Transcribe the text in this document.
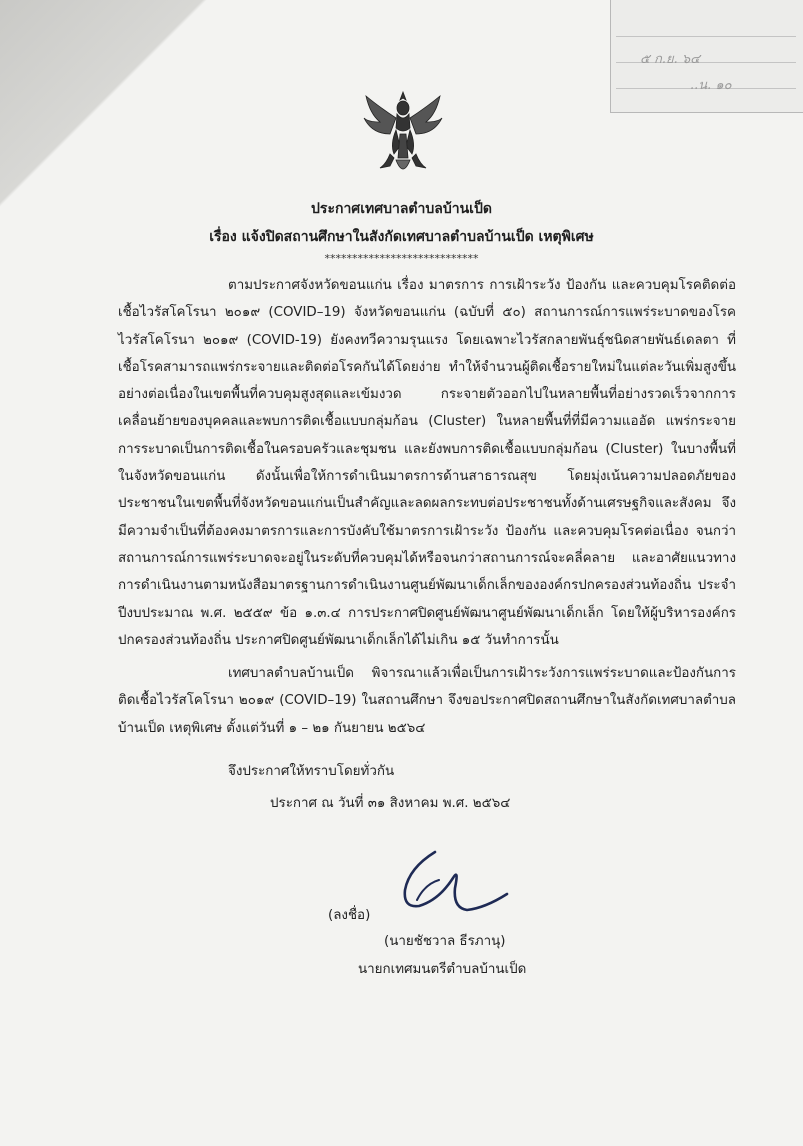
๕ ก.ย. ๖๔
..น. ๑๐
ประกาศเทศบาลตำบลบ้านเป็ด
เรื่อง แจ้งปิดสถานศึกษาในสังกัดเทศบาลตำบลบ้านเป็ด เหตุพิเศษ
****************************

ตามประกาศจังหวัดขอนแก่น เรื่อง มาตรการ การเฝ้าระวัง ป้องกัน และควบคุมโรคติดต่อเชื้อไวรัสโคโรนา ๒๐๑๙ (COVID–19) จังหวัดขอนแก่น (ฉบับที่ ๕๐) สถานการณ์การแพร่ระบาดของโรคไวรัสโคโรนา ๒๐๑๙ (COVID-19) ยังคงทวีความรุนแรง โดยเฉพาะไวรัสกลายพันธุ์ชนิดสายพันธ์เดลตา ที่เชื้อโรคสามารถแพร่กระจายและติดต่อโรคกันได้โดยง่าย ทำให้จำนวนผู้ติดเชื้อรายใหม่ในแต่ละวันเพิ่มสูงขึ้นอย่างต่อเนื่องในเขตพื้นที่ควบคุมสูงสุดและเข้มงวด กระจายตัวออกไปในหลายพื้นที่อย่างรวดเร็วจากการเคลื่อนย้ายของบุคคลและพบการติดเชื้อแบบกลุ่มก้อน (Cluster) ในหลายพื้นที่ที่มีความแออัด แพร่กระจายการระบาดเป็นการติดเชื้อในครอบครัวและชุมชน และยังพบการติดเชื้อแบบกลุ่มก้อน (Cluster) ในบางพื้นที่ในจังหวัดขอนแก่น ดังนั้นเพื่อให้การดำเนินมาตรการด้านสาธารณสุข โดยมุ่งเน้นความปลอดภัยของประชาชนในเขตพื้นที่จังหวัดขอนแก่นเป็นสำคัญและลดผลกระทบต่อประชาชนทั้งด้านเศรษฐกิจและสังคม จึงมีความจำเป็นที่ต้องคงมาตรการและการบังคับใช้มาตรการเฝ้าระวัง ป้องกัน และควบคุมโรคต่อเนื่อง จนกว่าสถานการณ์การแพร่ระบาดจะอยู่ในระดับที่ควบคุมได้หรือจนกว่าสถานการณ์จะคลี่คลาย และอาศัยแนวทางการดำเนินงานตามหนังสือมาตรฐานการดำเนินงานศูนย์พัฒนาเด็กเล็กขององค์กรปกครองส่วนท้องถิ่น ประจำปีงบประมาณ พ.ศ. ๒๕๕๙ ข้อ ๑.๓.๔ การประกาศปิดศูนย์พัฒนาศูนย์พัฒนาเด็กเล็ก โดยให้ผู้บริหารองค์กรปกครองส่วนท้องถิ่น ประกาศปิดศูนย์พัฒนาเด็กเล็กได้ไม่เกิน ๑๕ วันทำการนั้น

เทศบาลตำบลบ้านเป็ด พิจารณาแล้วเพื่อเป็นการเฝ้าระวังการแพร่ระบาดและป้องกันการติดเชื้อไวรัสโคโรนา ๒๐๑๙ (COVID–19) ในสถานศึกษา จึงขอประกาศปิดสถานศึกษาในสังกัดเทศบาลตำบลบ้านเป็ด เหตุพิเศษ ตั้งแต่วันที่ ๑ – ๒๑ กันยายน ๒๕๖๔

จึงประกาศให้ทราบโดยทั่วกัน
ประกาศ ณ วันที่ ๓๑ สิงหาคม พ.ศ. ๒๕๖๔
(ลงชื่อ)
(นายชัชวาล ธีรภานุ)
นายกเทศมนตรีตำบลบ้านเป็ด
